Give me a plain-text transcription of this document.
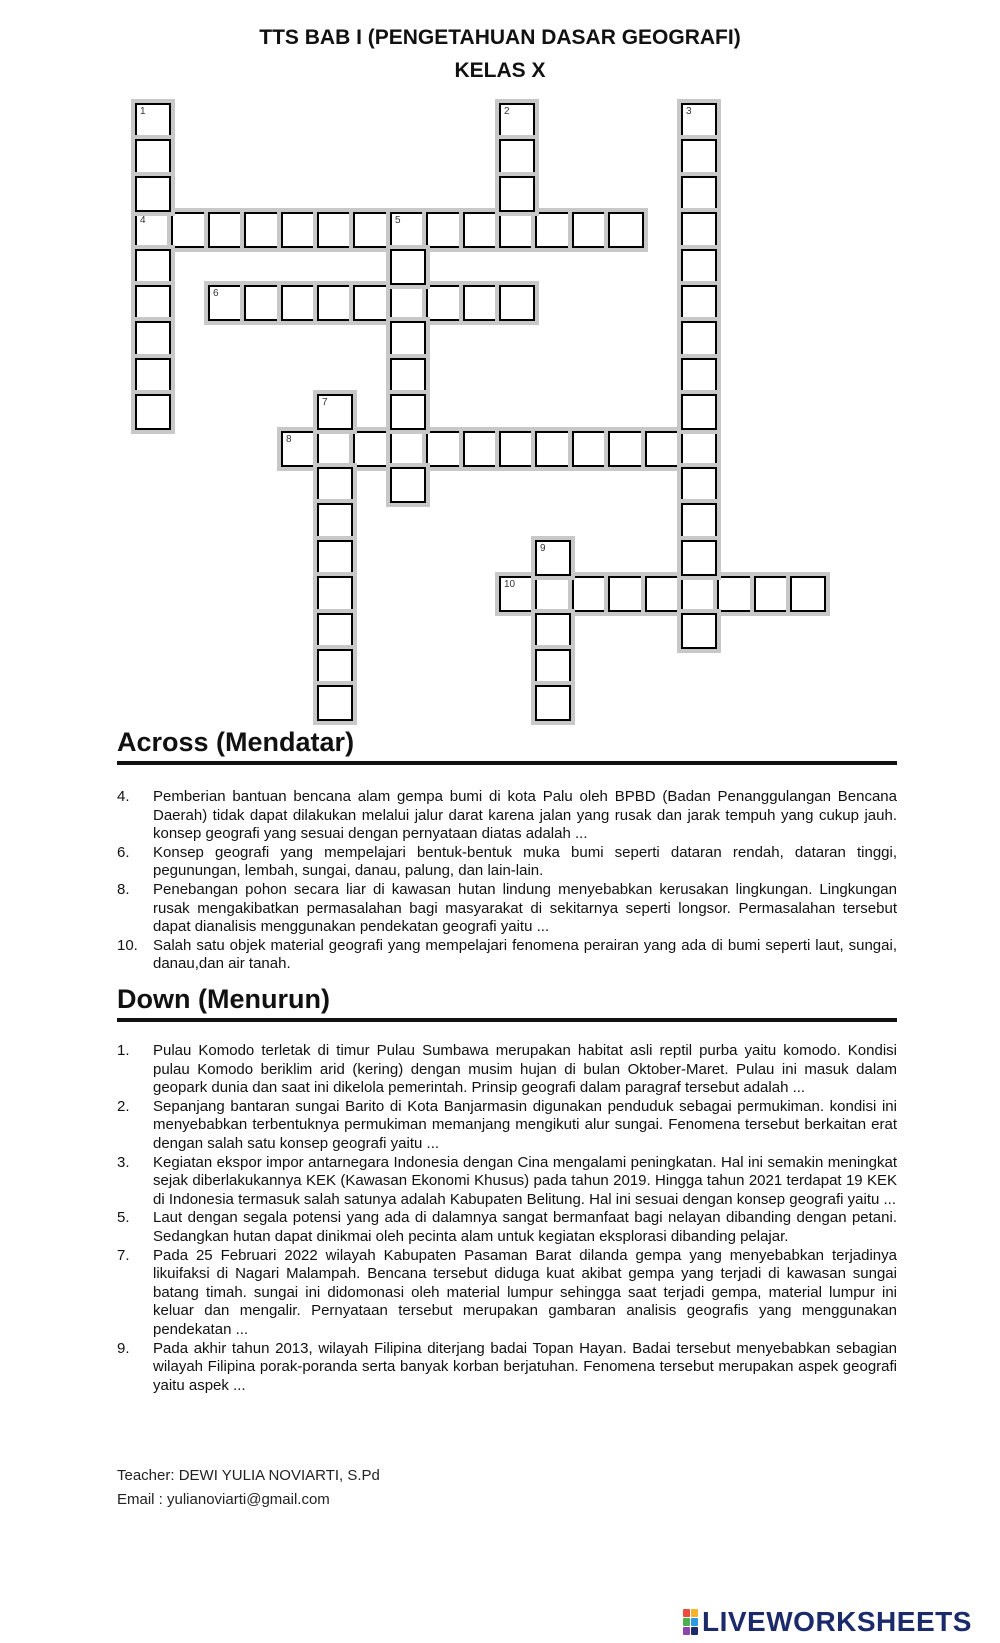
TTS BAB I (PENGETAHUAN DASAR GEOGRAFI)
KELAS X
4	5
6
8
10
1	2	3
7
9
Across (Mendatar)
4.	Pemberian bantuan bencana alam gempa bumi di kota Palu oleh BPBD (Badan Penanggulangan Bencana Daerah) tidak dapat dilakukan melalui jalur darat karena jalan yang rusak dan jarak tempuh yang cukup jauh. konsep geografi yang sesuai dengan pernyataan diatas adalah ...
6.	Konsep geografi yang mempelajari bentuk-bentuk muka bumi seperti dataran rendah, dataran tinggi, pegunungan, lembah, sungai, danau, palung, dan lain-lain.
8.	Penebangan pohon secara liar di kawasan hutan lindung menyebabkan kerusakan lingkungan. Lingkungan rusak mengakibatkan permasalahan bagi masyarakat di sekitarnya seperti longsor. Permasalahan tersebut dapat dianalisis menggunakan pendekatan geografi yaitu ...
10.	Salah satu objek material geografi yang mempelajari fenomena perairan yang ada di bumi seperti laut, sungai, danau,dan air tanah.
Down (Menurun)
1.	Pulau Komodo terletak di timur Pulau Sumbawa merupakan habitat asli reptil purba yaitu komodo. Kondisi pulau Komodo beriklim arid (kering) dengan musim hujan di bulan Oktober-Maret. Pulau ini masuk dalam geopark dunia dan saat ini dikelola pemerintah. Prinsip geografi dalam paragraf tersebut adalah ...
2.	Sepanjang bantaran sungai Barito di Kota Banjarmasin digunakan penduduk sebagai permukiman. kondisi ini menyebabkan terbentuknya permukiman memanjang mengikuti alur sungai. Fenomena tersebut berkaitan erat dengan salah satu konsep geografi yaitu ...
3.	Kegiatan ekspor impor antarnegara Indonesia dengan Cina mengalami peningkatan. Hal ini semakin meningkat sejak diberlakukannya KEK (Kawasan Ekonomi Khusus) pada tahun 2019. Hingga tahun 2021 terdapat 19 KEK di Indonesia termasuk salah satunya adalah Kabupaten Belitung. Hal ini sesuai dengan konsep geografi yaitu ...
5.	Laut dengan segala potensi yang ada di dalamnya sangat bermanfaat bagi nelayan dibanding dengan petani. Sedangkan hutan dapat dinikmai oleh pecinta alam untuk kegiatan eksplorasi dibanding pelajar.
7.	Pada 25 Februari 2022 wilayah Kabupaten Pasaman Barat dilanda gempa yang menyebabkan terjadinya likuifaksi di Nagari Malampah. Bencana tersebut diduga kuat akibat gempa yang terjadi di kawasan sungai batang timah. sungai ini didomonasi oleh material lumpur sehingga saat terjadi gempa, material lumpur ini keluar dan mengalir. Pernyataan tersebut merupakan gambaran analisis geografis yang menggunakan pendekatan ...
9.	Pada akhir tahun 2013, wilayah Filipina diterjang badai Topan Hayan. Badai tersebut menyebabkan sebagian wilayah Filipina porak-poranda serta banyak korban berjatuhan. Fenomena tersebut merupakan aspek geografi yaitu aspek ...
Teacher: DEWI YULIA NOVIARTI, S.Pd
Email : yulianoviarti@gmail.com
LIVEWORKSHEETS
